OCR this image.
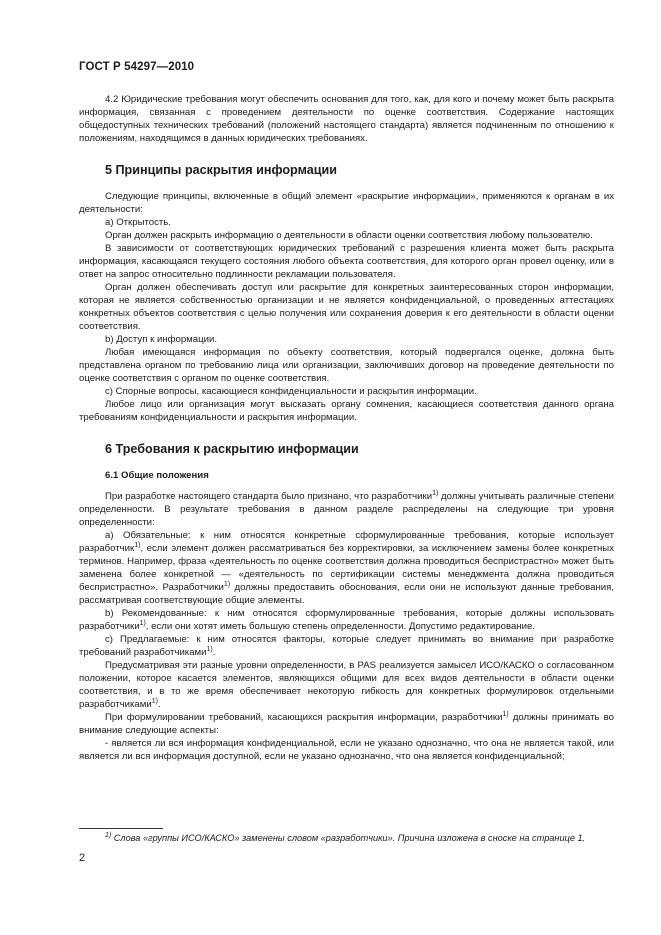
ГОСТ Р 54297—2010

4.2 Юридические требования могут обеспечить основания для того, как, для кого и почему может быть раскрыта информация, связанная с проведением деятельности по оценке соответствия. Содержание настоящих общедоступных технических требований (положений настоящего стандарта) является подчиненным по отношению к положениям, находящимся в данных юридических требованиях.

5 Принципы раскрытия информации

Следующие принципы, включенные в общий элемент «раскрытие информации», применяются к органам в их деятельности:

a) Открытость.

Орган должен раскрыть информацию о деятельности в области оценки соответствия любому пользователю.

В зависимости от соответствующих юридических требований с разрешения клиента может быть раскрыта информация, касающаяся текущего состояния любого объекта соответствия, для которого орган провел оценку, или в ответ на запрос относительно подлинности рекламации пользователя.

Орган должен обеспечивать доступ или раскрытие для конкретных заинтересованных сторон информации, которая не является собственностью организации и не является конфиденциальной, о проведенных аттестациях конкретных объектов соответствия с целью получения или сохранения доверия к его деятельности в области оценки соответствия.

b) Доступ к информации.

Любая имеющаяся информация по объекту соответствия, который подвергался оценке, должна быть представлена органом по требованию лица или организации, заключивших договор на проведение деятельности по оценке соответствия с органом по оценке соответствия.

c) Спорные вопросы, касающиеся конфиденциальности и раскрытия информации.

Любое лицо или организация могут высказать органу сомнения, касающиеся соответствия данного органа требованиям конфиденциальности и раскрытия информации.

6 Требования к раскрытию информации
6.1 Общие положения

При разработке настоящего стандарта было признано, что разработчики$^{1)}$ должны учитывать различные степени определенности. В результате требования в данном разделе распределены на следующие три уровня определенности:

a) Обязательные: к ним относятся конкретные сформулированные требования, которые использует разработчик$^{1)}$, если элемент должен рассматриваться без корректировки, за исключением замены более конкретных терминов. Например, фраза «деятельность по оценке соответствия должна проводиться беспристрастно» может быть заменена более конкретной — «деятельность по сертификации системы менеджмента должна проводиться беспристрастно». Разработчики$^{1)}$ должны предоставить обоснования, если они не используют данные требования, рассматривая соответствующие общие элементы.

b) Рекомендованные: к ним относятся сформулированные требования, которые должны использовать разработчики$^{1)}$, если они хотят иметь большую степень определенности. Допустимо редактирование.

c) Предлагаемые: к ним относятся факторы, которые следует принимать во внимание при разработке требований разработчиками$^{1)}$.

Предусматривая эти разные уровни определенности, в PAS реализуется замысел ИСО/КАСКО о согласованном положении, которое касается элементов, являющихся общими для всех видов деятельности в области оценки соответствия, и в то же время обеспечивает некоторую гибкость для конкретных формулировок отдельными разработчиками$^{1)}$.

При формулировании требований, касающихся раскрытия информации, разработчики$^{1)}$ должны принимать во внимание следующие аспекты:

- является ли вся информация конфиденциальной, если не указано однозначно, что она не является такой, или является ли вся информация доступной, если не указано однозначно, что она является конфиденциальной;

$^{1)}$ Слова «группы ИСО/КАСКО» заменены словом «разработчики». Причина изложена в сноске на странице 1.
2
